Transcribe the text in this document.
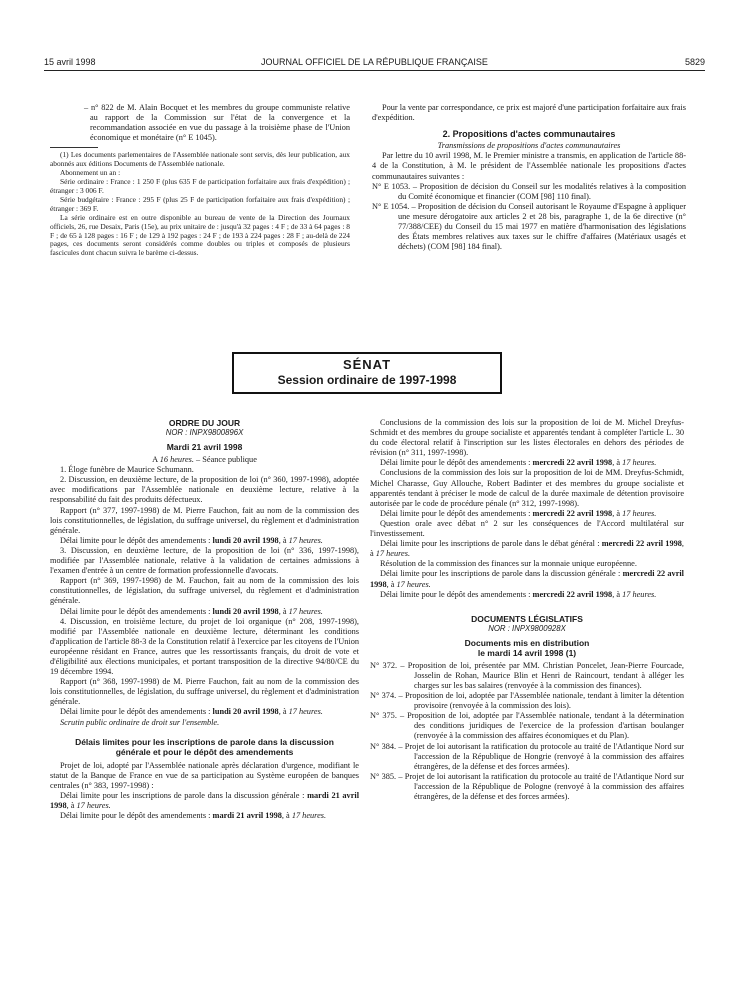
15 avril 1998	JOURNAL OFFICIEL DE LA RÉPUBLIQUE FRANÇAISE	5829

– n° 822 de M. Alain Bocquet et les membres du groupe communiste relative au rapport de la Commission sur l'état de la convergence et la recommandation associée en vue du passage à la troisième phase de l'Union économique et monétaire (n° E 1045).

(1) Les documents parlementaires de l'Assemblée nationale sont servis, dès leur publication, aux abonnés aux éditions Documents de l'Assemblée nationale.

Abonnement un an :

Série ordinaire : France : 1 250 F (plus 635 F de participation forfaitaire aux frais d'expédition) ; étranger : 3 006 F.

Série budgétaire : France : 295 F (plus 25 F de participation forfaitaire aux frais d'expédition) ; étranger : 369 F.

La série ordinaire est en outre disponible au bureau de vente de la Direction des Journaux officiels, 26, rue Desaix, Paris (15e), au prix unitaire de : jusqu'à 32 pages : 4 F ; de 33 à 64 pages : 8 F ; de 65 à 128 pages : 16 F ; de 129 à 192 pages : 24 F ; de 193 à 224 pages : 28 F ; au-delà de 224 pages, ces documents seront considérés comme doubles ou triples et composés de plusieurs fascicules dont chacun suivra le barème ci-dessus.

Pour la vente par correspondance, ce prix est majoré d'une participation forfaitaire aux frais d'expédition.

2. Propositions d'actes communautaires

Transmissions de propositions d'actes communautaires

Par lettre du 10 avril 1998, M. le Premier ministre a transmis, en application de l'article 88-4 de la Constitution, à M. le président de l'Assemblée nationale les propositions d'actes communautaires suivantes :

N° E 1053. – Proposition de décision du Conseil sur les modalités relatives à la composition du Comité économique et financier (COM [98] 110 final).

N° E 1054. – Proposition de décision du Conseil autorisant le Royaume d'Espagne à appliquer une mesure dérogatoire aux articles 2 et 28 bis, paragraphe 1, de la 6e directive (n° 77/388/CEE) du Conseil du 15 mai 1977 en matière d'harmonisation des législations des États membres relatives aux taxes sur le chiffre d'affaires (Matériaux usagés et déchets) (COM [98] 184 final).

SÉNAT
Session ordinaire de 1997-1998
ORDRE DU JOUR
NOR : INPX9800896X
Mardi 21 avril 1998

A 16 heures. – Séance publique

1. Éloge funèbre de Maurice Schumann.

2. Discussion, en deuxième lecture, de la proposition de loi (n° 360, 1997-1998), adoptée avec modifications par l'Assemblée nationale en deuxième lecture, relative à la responsabilité du fait des produits défectueux.

Rapport (n° 377, 1997-1998) de M. Pierre Fauchon, fait au nom de la commission des lois constitutionnelles, de législation, du suffrage universel, du règlement et d'administration générale.

Délai limite pour le dépôt des amendements : lundi 20 avril 1998, à 17 heures.

3. Discussion, en deuxième lecture, de la proposition de loi (n° 336, 1997-1998), modifiée par l'Assemblée nationale, relative à la validation de certaines admissions à l'examen d'entrée à un centre de formation professionnelle d'avocats.

Rapport (n° 369, 1997-1998) de M. Fauchon, fait au nom de la commission des lois constitutionnelles, de législation, du suffrage universel, du règlement et d'administration générale.

Délai limite pour le dépôt des amendements : lundi 20 avril 1998, à 17 heures.

4. Discussion, en troisième lecture, du projet de loi organique (n° 208, 1997-1998), modifié par l'Assemblée nationale en deuxième lecture, déterminant les conditions d'application de l'article 88-3 de la Constitution relatif à l'exercice par les citoyens de l'Union européenne résidant en France, autres que les ressortissants français, du droit de vote et d'éligibilité aux élections municipales, et portant transposition de la directive 94/80/CE du 19 décembre 1994.

Rapport (n° 368, 1997-1998) de M. Pierre Fauchon, fait au nom de la commission des lois constitutionnelles, de législation, du suffrage universel, du règlement et d'administration générale.

Délai limite pour le dépôt des amendements : lundi 20 avril 1998, à 17 heures.

Scrutin public ordinaire de droit sur l'ensemble.

Délais limites pour les inscriptions de parole dans la discussion générale et pour le dépôt des amendements

Projet de loi, adopté par l'Assemblée nationale après déclaration d'urgence, modifiant le statut de la Banque de France en vue de sa participation au Système européen de banques centrales (n° 383, 1997-1998) :

Délai limite pour les inscriptions de parole dans la discussion générale : mardi 21 avril 1998, à 17 heures.

Délai limite pour le dépôt des amendements : mardi 21 avril 1998, à 17 heures.

Conclusions de la commission des lois sur la proposition de loi de M. Michel Dreyfus-Schmidt et des membres du groupe socialiste et apparentés tendant à compléter l'article L. 30 du code électoral relatif à l'inscription sur les listes électorales en dehors des périodes de révision (n° 311, 1997-1998).

Délai limite pour le dépôt des amendements : mercredi 22 avril 1998, à 17 heures.

Conclusions de la commission des lois sur la proposition de loi de MM. Dreyfus-Schmidt, Michel Charasse, Guy Allouche, Robert Badinter et des membres du groupe socialiste et apparentés tendant à préciser le mode de calcul de la durée maximale de détention provisoire autorisée par le code de procédure pénale (n° 312, 1997-1998).

Délai limite pour le dépôt des amendements : mercredi 22 avril 1998, à 17 heures.

Question orale avec débat n° 2 sur les conséquences de l'Accord multilatéral sur l'investissement.

Délai limite pour les inscriptions de parole dans le débat général : mercredi 22 avril 1998, à 17 heures.

Résolution de la commission des finances sur la monnaie unique européenne.

Délai limite pour les inscriptions de parole dans la discussion générale : mercredi 22 avril 1998, à 17 heures.

Délai limite pour le dépôt des amendements : mercredi 22 avril 1998, à 17 heures.

DOCUMENTS LÉGISLATIFS
NOR : INPX9800928X
Documents mis en distribution
le mardi 14 avril 1998 (1)

N° 372. – Proposition de loi, présentée par MM. Christian Poncelet, Jean-Pierre Fourcade, Josselin de Rohan, Maurice Blin et Henri de Raincourt, tendant à alléger les charges sur les bas salaires (renvoyée à la commission des finances).

N° 374. – Proposition de loi, adoptée par l'Assemblée nationale, tendant à limiter la détention provisoire (renvoyée à la commission des lois).

N° 375. – Proposition de loi, adoptée par l'Assemblée nationale, tendant à la détermination des conditions juridiques de l'exercice de la profession d'artisan boulanger (renvoyée à la commission des affaires économiques et du Plan).

N° 384. – Projet de loi autorisant la ratification du protocole au traité de l'Atlantique Nord sur l'accession de la République de Hongrie (renvoyé à la commission des affaires étrangères, de la défense et des forces armées).

N° 385. – Projet de loi autorisant la ratification du protocole au traité de l'Atlantique Nord sur l'accession de la République de Pologne (renvoyé à la commission des affaires étrangères, de la défense et des forces armées).
